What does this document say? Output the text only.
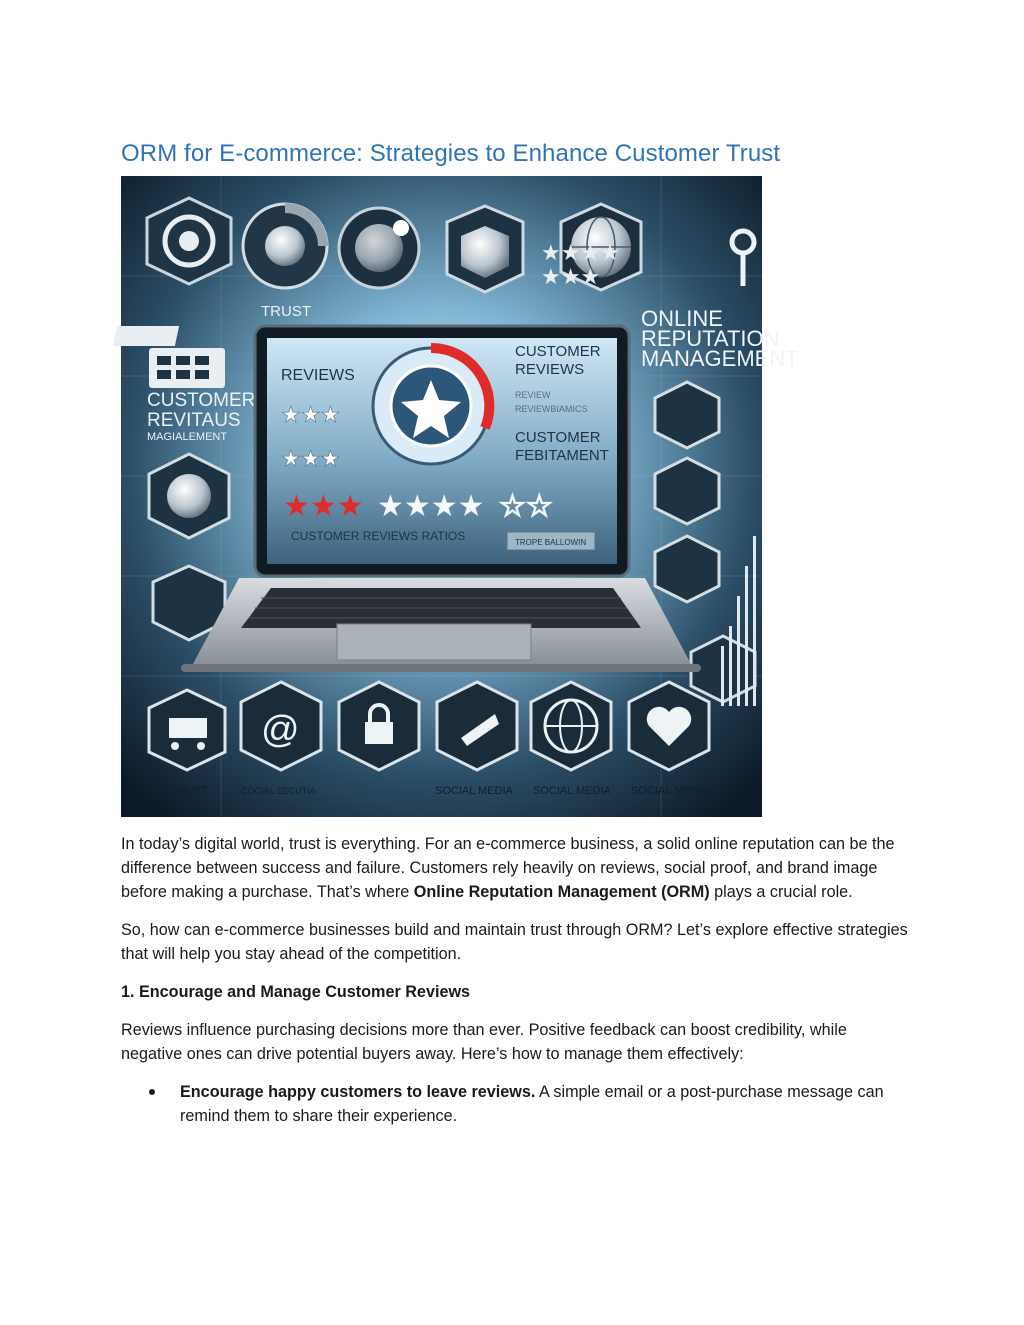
ORM for E-commerce: Strategies to Enhance Customer Trust
★★★★
★★★
TRUST
CUSTOMER
REVITAUS
MAGIALEMENT
ONLINE
REPUTATION
MANAGEMENT
REVIEWS
★★★
★★★
CUSTOMER
REVIEWS
REVIEW
REVIEWBIAMICS
CUSTOMER
FEBITAMENT
★★★ ★★★★ ☆☆
CUSTOMER REVIEWS RATIOS	TROPE BALLOWIN
@
TRUST	COCIAL SECUTIA	SOCIAL MEDIA SOCIAL MEDIA SOCIAL MEDIA

In today’s digital world, trust is everything. For an e-commerce business, a solid online reputation can be the difference between success and failure. Customers rely heavily on reviews, social proof, and brand image before making a purchase. That’s where Online Reputation Management (ORM) plays a crucial role.

So, how can e-commerce businesses build and maintain trust through ORM? Let’s explore effective strategies that will help you stay ahead of the competition.

1. Encourage and Manage Customer Reviews

Reviews influence purchasing decisions more than ever. Positive feedback can boost credibility, while negative ones can drive potential buyers away. Here’s how to manage them effectively:

Encourage happy customers to leave reviews. A simple email or a post-purchase message can remind them to share their experience.
